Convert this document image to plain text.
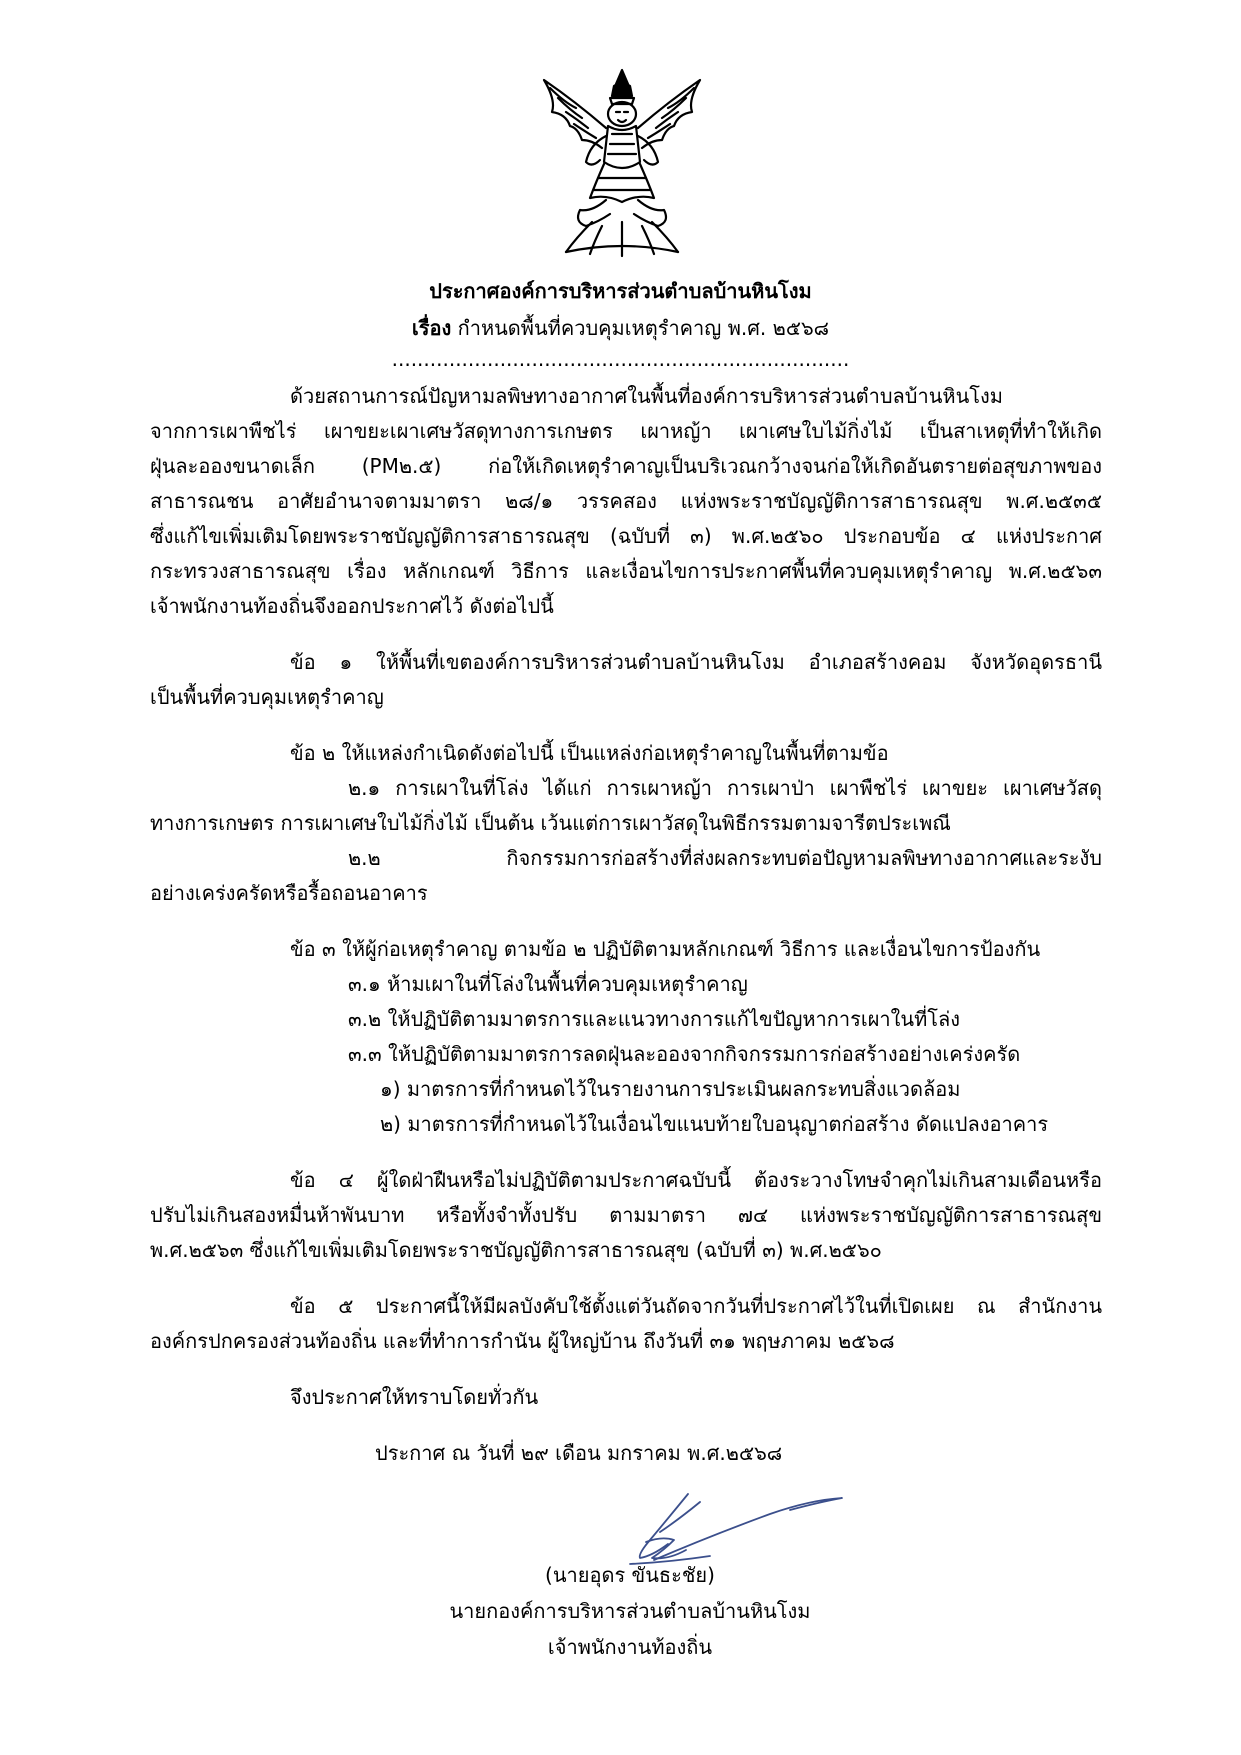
ประกาศองค์การบริหารส่วนตำบลบ้านหินโงม
เรื่อง กำหนดพื้นที่ควบคุมเหตุรำคาญ พ.ศ. ๒๕๖๘
........................................................................
ด้วยสถานการณ์ปัญหามลพิษทางอากาศในพื้นที่องค์การบริหารส่วนตำบลบ้านหินโงม
จากการเผาพืชไร่ เผาขยะเผาเศษวัสดุทางการเกษตร เผาหญ้า เผาเศษใบไม้กิ่งไม้ เป็นสาเหตุที่ทำให้เกิด
ฝุ่นละอองขนาดเล็ก (PM๒.๕) ก่อให้เกิดเหตุรำคาญเป็นบริเวณกว้างจนก่อให้เกิดอันตรายต่อสุขภาพของ
สาธารณชน อาศัยอำนาจตามมาตรา ๒๘/๑ วรรคสอง แห่งพระราชบัญญัติการสาธารณสุข พ.ศ.๒๕๓๕
ซึ่งแก้ไขเพิ่มเติมโดยพระราชบัญญัติการสาธารณสุข (ฉบับที่ ๓) พ.ศ.๒๕๖๐ ประกอบข้อ ๔ แห่งประกาศ
กระทรวงสาธารณสุข เรื่อง หลักเกณฑ์ วิธีการ และเงื่อนไขการประกาศพื้นที่ควบคุมเหตุรำคาญ พ.ศ.๒๕๖๓
เจ้าพนักงานท้องถิ่นจึงออกประกาศไว้ ดังต่อไปนี้
ข้อ ๑ ให้พื้นที่เขตองค์การบริหารส่วนตำบลบ้านหินโงม อำเภอสร้างคอม จังหวัดอุดรธานี
เป็นพื้นที่ควบคุมเหตุรำคาญ
ข้อ ๒ ให้แหล่งกำเนิดดังต่อไปนี้ เป็นแหล่งก่อเหตุรำคาญในพื้นที่ตามข้อ
๒.๑ การเผาในที่โล่ง ได้แก่ การเผาหญ้า การเผาป่า เผาพืชไร่ เผาขยะ เผาเศษวัสดุ
ทางการเกษตร การเผาเศษใบไม้กิ่งไม้ เป็นต้น เว้นแต่การเผาวัสดุในพิธีกรรมตามจารีตประเพณี
๒.๒ กิจกรรมการก่อสร้างที่ส่งผลกระทบต่อปัญหามลพิษทางอากาศและระงับ
อย่างเคร่งครัดหรือรื้อถอนอาคาร
ข้อ ๓ ให้ผู้ก่อเหตุรำคาญ ตามข้อ ๒ ปฏิบัติตามหลักเกณฑ์ วิธีการ และเงื่อนไขการป้องกัน
๓.๑ ห้ามเผาในที่โล่งในพื้นที่ควบคุมเหตุรำคาญ
๓.๒ ให้ปฏิบัติตามมาตรการและแนวทางการแก้ไขปัญหาการเผาในที่โล่ง
๓.๓ ให้ปฏิบัติตามมาตรการลดฝุ่นละอองจากกิจกรรมการก่อสร้างอย่างเคร่งครัด
๑) มาตรการที่กำหนดไว้ในรายงานการประเมินผลกระทบสิ่งแวดล้อม
๒) มาตรการที่กำหนดไว้ในเงื่อนไขแนบท้ายใบอนุญาตก่อสร้าง ดัดแปลงอาคาร
ข้อ ๔ ผู้ใดฝ่าฝืนหรือไม่ปฏิบัติตามประกาศฉบับนี้ ต้องระวางโทษจำคุกไม่เกินสามเดือนหรือ
ปรับไม่เกินสองหมื่นห้าพันบาท หรือทั้งจำทั้งปรับ ตามมาตรา ๗๔ แห่งพระราชบัญญัติการสาธารณสุข
พ.ศ.๒๕๖๓ ซึ่งแก้ไขเพิ่มเติมโดยพระราชบัญญัติการสาธารณสุข (ฉบับที่ ๓) พ.ศ.๒๕๖๐
ข้อ ๕ ประกาศนี้ให้มีผลบังคับใช้ตั้งแต่วันถัดจากวันที่ประกาศไว้ในที่เปิดเผย ณ สำนักงาน
องค์กรปกครองส่วนท้องถิ่น และที่ทำการกำนัน ผู้ใหญ่บ้าน ถึงวันที่ ๓๑ พฤษภาคม ๒๕๖๘
จึงประกาศให้ทราบโดยทั่วกัน
ประกาศ ณ วันที่ ๒๙ เดือน มกราคม พ.ศ.๒๕๖๘
(นายอุดร ขันธะชัย)
นายกองค์การบริหารส่วนตำบลบ้านหินโงม
เจ้าพนักงานท้องถิ่น
